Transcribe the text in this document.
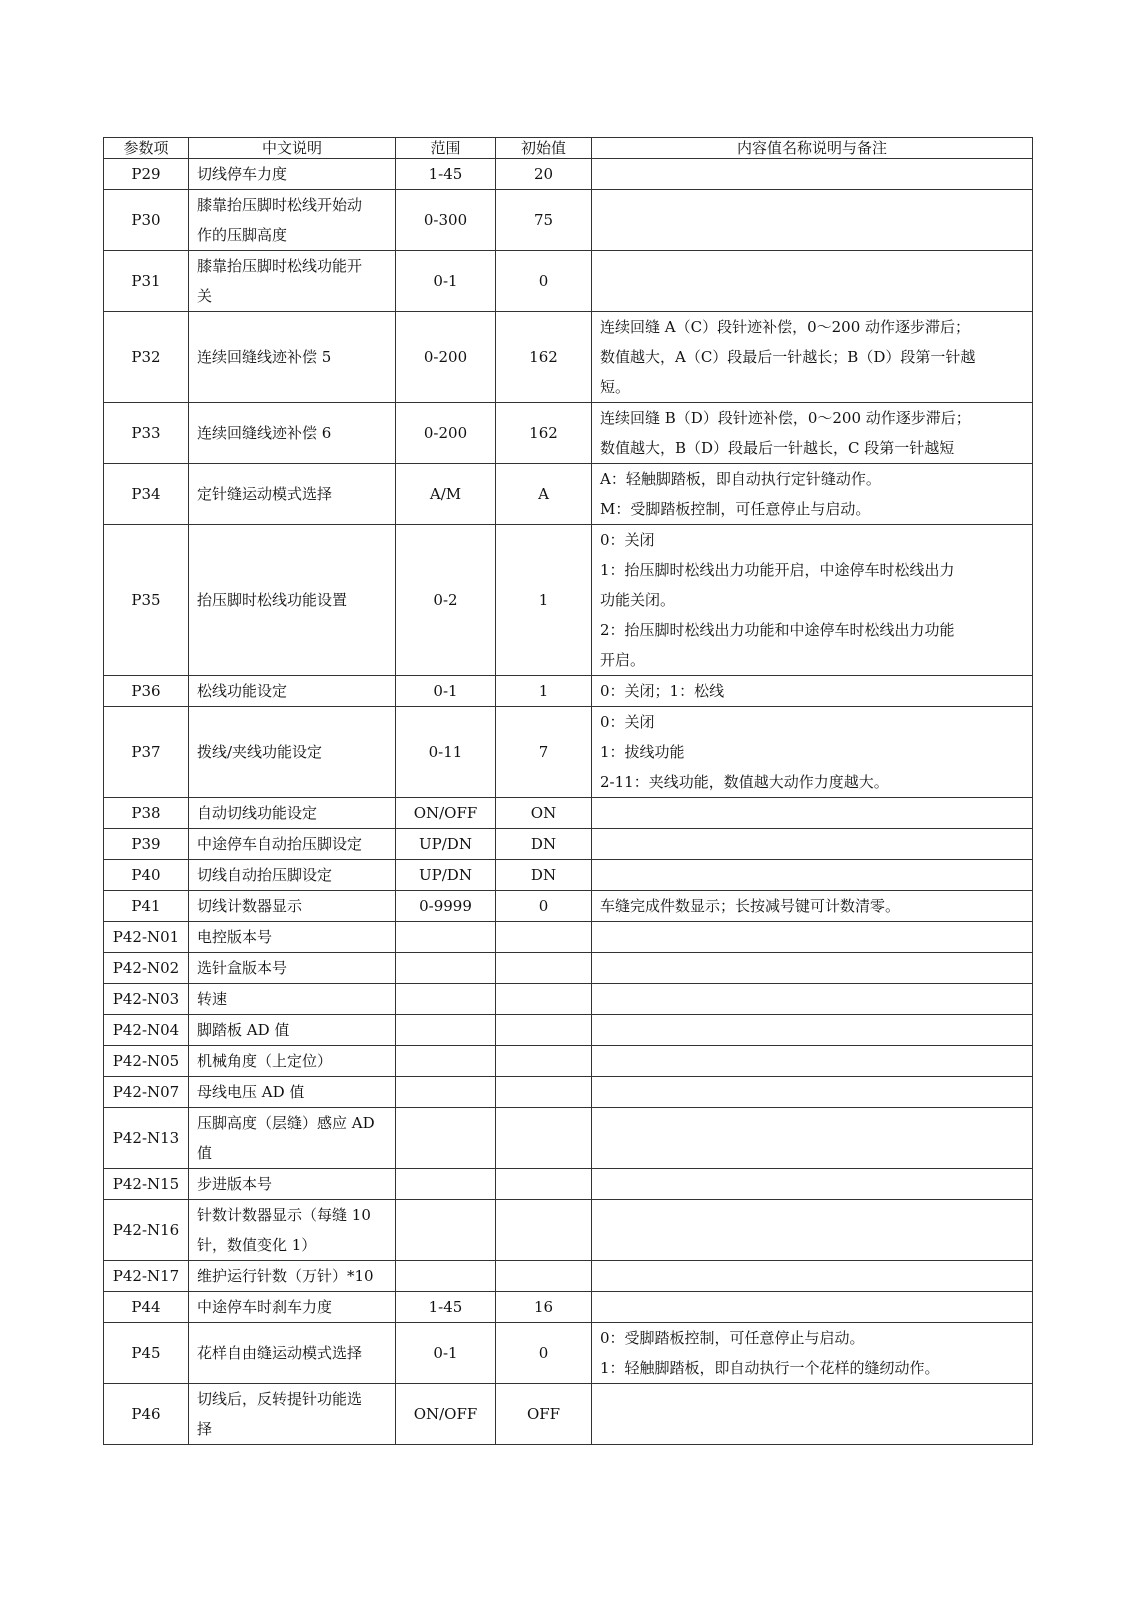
参数项	中文说明	范围	初始值	内容值名称说明与备注
P29	切线停车力度	1-45	20	
P30	膝靠抬压脚时松线开始动
作的压脚高度	0-300	75	
P31	膝靠抬压脚时松线功能开
关	0-1	0	
P32	连续回缝线迹补偿 5	0-200	162	连续回缝 A（C）段针迹补偿，0～200 动作逐步滞后；
数值越大，A（C）段最后一针越长；B（D）段第一针越
短。

P33	连续回缝线迹补偿 6	0-200	162	连续回缝 B（D）段针迹补偿，0～200 动作逐步滞后；
数值越大，B（D）段最后一针越长，C 段第一针越短

P34	定针缝运动模式选择	A/M	A	A：轻触脚踏板，即自动执行定针缝动作。
M：受脚踏板控制，可任意停止与启动。

P35	抬压脚时松线功能设置	0-2	1	0：关闭
1：抬压脚时松线出力功能开启，中途停车时松线出力
功能关闭。
2：抬压脚时松线出力功能和中途停车时松线出力功能
开启。

P36	松线功能设定	0-1	1	0：关闭；1：松线

P37	拨线/夹线功能设定	0-11	7	0：关闭
1：拔线功能
2-11：夹线功能，数值越大动作力度越大。

P38	自动切线功能设定	ON/OFF	ON	
P39	中途停车自动抬压脚设定	UP/DN	DN	
P40	切线自动抬压脚设定	UP/DN	DN	
P41	切线计数器显示	0-9999	0	车缝完成件数显示；长按减号键可计数清零。

P42-N01	电控版本号			

P42-N02	选针盒版本号			

P42-N03	转速			

P42-N04	脚踏板 AD 值			

P42-N05	机械角度（上定位）			

P42-N07	母线电压 AD 值			

P42-N13	压脚高度（层缝）感应 AD
值			

P42-N15	步进版本号			

P42-N16	针数计数器显示（每缝 10
针，数值变化 1）			

P42-N17	维护运行针数（万针）*10			

P44	中途停车时刹车力度	1-45	16	
P45	花样自由缝运动模式选择	0-1	0	0：受脚踏板控制，可任意停止与启动。
1：轻触脚踏板，即自动执行一个花样的缝纫动作。

P46	切线后，反转提针功能选
择	ON/OFF	OFF	
